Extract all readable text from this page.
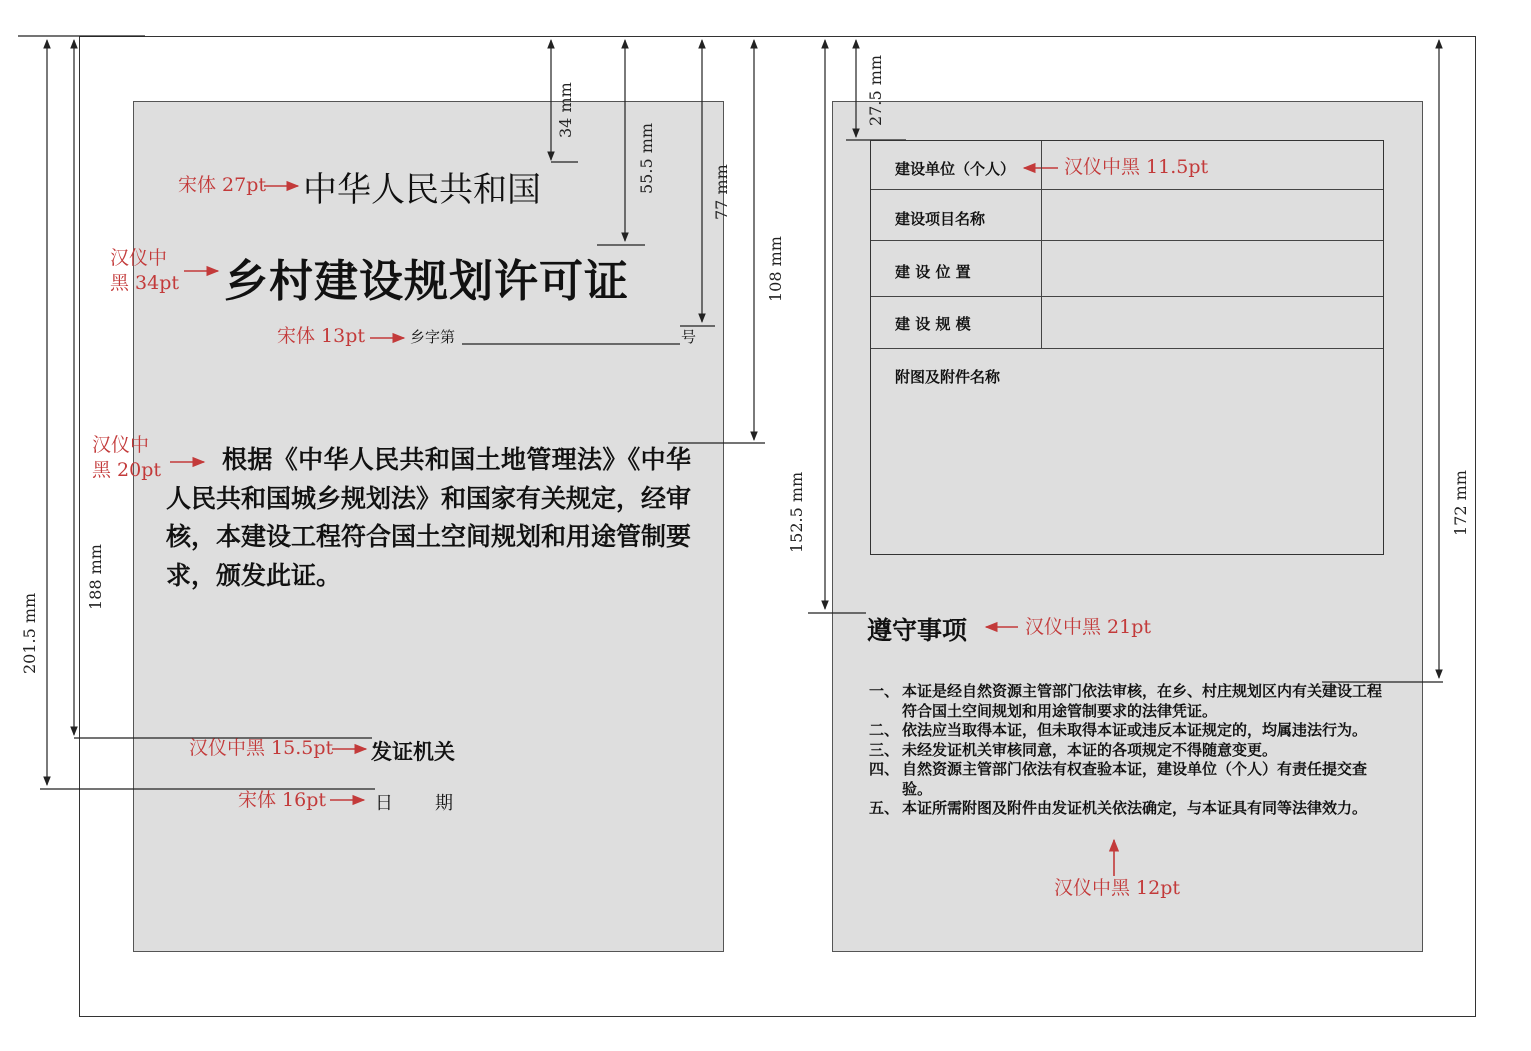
中华人民共和国
乡村建设规划许可证
乡字第	号
根据《中华人民共和国土地管理法》《中华人民共和国城乡规划法》和国家有关规定，经审核，本建设工程符合国土空间规划和用途管制要求，颁发此证。
发证机关
日 期
宋体 27pt
汉仪中
黑 34pt
宋体 13pt
汉仪中
黑 20pt
汉仪中黑 15.5pt
宋体 16pt
34 mm
55.5 mm	77 mm
108 mm
188 mm
201.5 mm
建设单位（个人）
建设项目名称
建 设 位 置
建 设 规 模
附图及附件名称
遵守事项
一、 本证是经自然资源主管部门依法审核，在乡、村庄规划区内有关建设工程符合国土空间规划和用途管制要求的法律凭证。
二、 依法应当取得本证，但未取得本证或违反本证规定的，均属违法行为。
三、 未经发证机关审核同意，本证的各项规定不得随意变更。
四、 自然资源主管部门依法有权查验本证，建设单位（个人）有责任提交查验。
五、 本证所需附图及附件由发证机关依法确定，与本证具有同等法律效力。
汉仪中黑 11.5pt
汉仪中黑 21pt
汉仪中黑 12pt
27.5 mm
152.5 mm	172 mm
